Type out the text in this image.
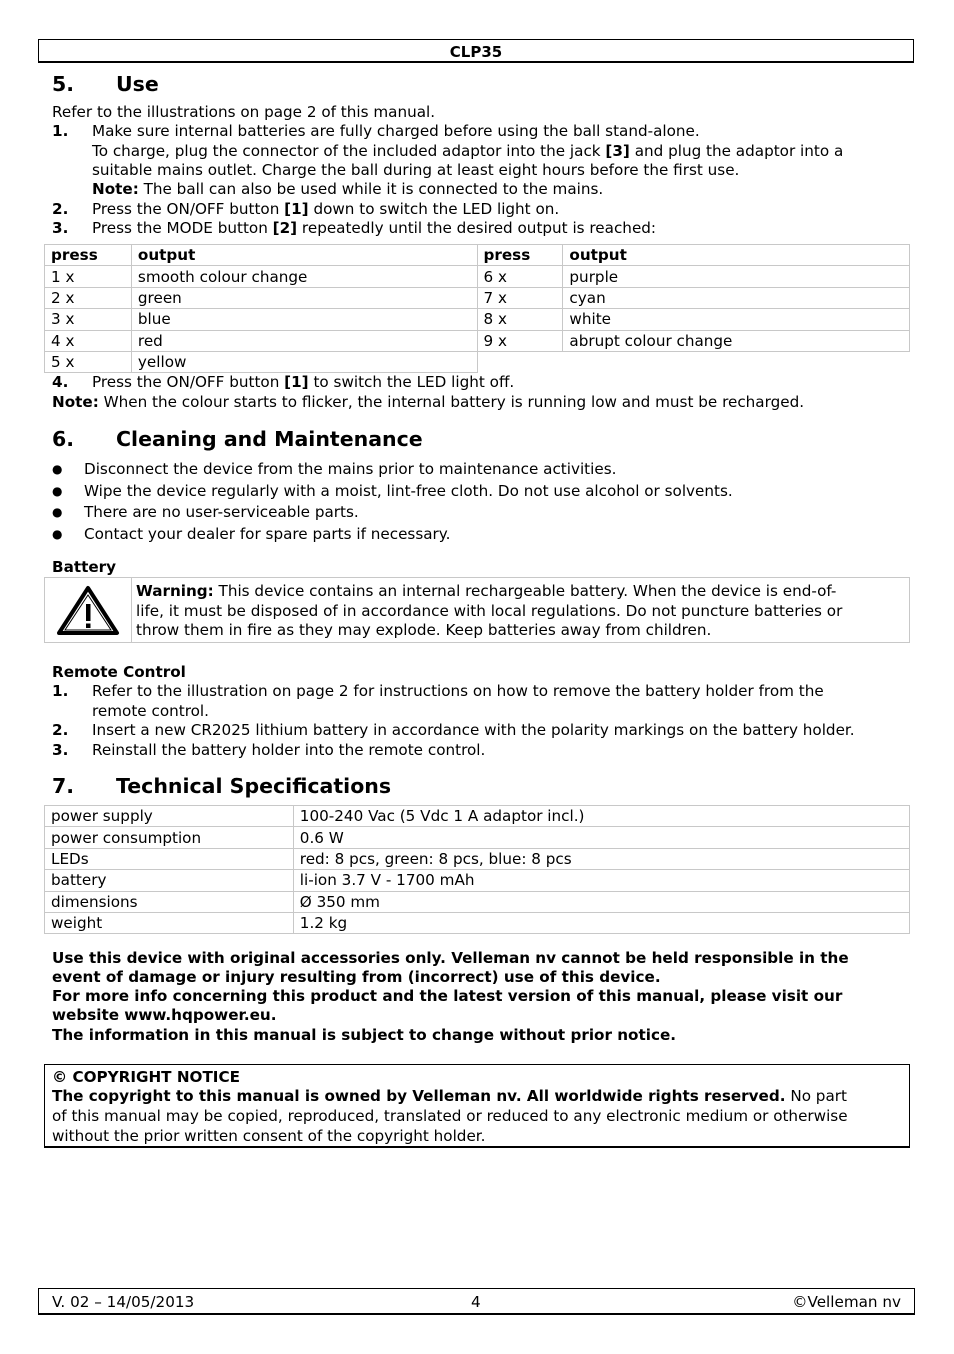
CLP35
5. Use
Refer to the illustrations on page 2 of this manual.
1. Make sure internal batteries are fully charged before using the ball stand-alone.
To charge, plug the connector of the included adaptor into the jack [3] and plug the adaptor into a
suitable mains outlet. Charge the ball during at least eight hours before the first use.
Note: The ball can also be used while it is connected to the mains.
2. Press the ON/OFF button [1] down to switch the LED light on.
3. Press the MODE button [2] repeatedly until the desired output is reached:
press	output	press	output
1 x	smooth colour change	6 x	purple
2 x	green	7 x	cyan
3 x	blue	8 x	white
4 x	red	9 x	abrupt colour change
5 x	yellow		
4. Press the ON/OFF button [1] to switch the LED light off.
Note: When the colour starts to flicker, the internal battery is running low and must be recharged.
6. Cleaning and Maintenance
● Disconnect the device from the mains prior to maintenance activities.
● Wipe the device regularly with a moist, lint-free cloth. Do not use alcohol or solvents.
● There are no user-serviceable parts.
● Contact your dealer for spare parts if necessary.
Battery
Warning: This device contains an internal rechargeable battery. When the device is end-of-
life, it must be disposed of in accordance with local regulations. Do not puncture batteries or
throw them in fire as they may explode. Keep batteries away from children.
Remote Control
1. Refer to the illustration on page 2 for instructions on how to remove the battery holder from the
remote control.
2. Insert a new CR2025 lithium battery in accordance with the polarity markings on the battery holder.
3. Reinstall the battery holder into the remote control.
7. Technical Specifications
power supply	100-240 Vac (5 Vdc 1 A adaptor incl.)
power consumption	0.6 W
LEDs	red: 8 pcs, green: 8 pcs, blue: 8 pcs
battery	li-ion 3.7 V - 1700 mAh
dimensions	Ø 350 mm
weight	1.2 kg
Use this device with original accessories only. Velleman nv cannot be held responsible in the
event of damage or injury resulting from (incorrect) use of this device.
For more info concerning this product and the latest version of this manual, please visit our
website www.hqpower.eu.
The information in this manual is subject to change without prior notice.
© COPYRIGHT NOTICE
The copyright to this manual is owned by Velleman nv. All worldwide rights reserved. No part
of this manual may be copied, reproduced, translated or reduced to any electronic medium or otherwise
without the prior written consent of the copyright holder.
V. 02 – 14/05/2013	4	©Velleman nv
